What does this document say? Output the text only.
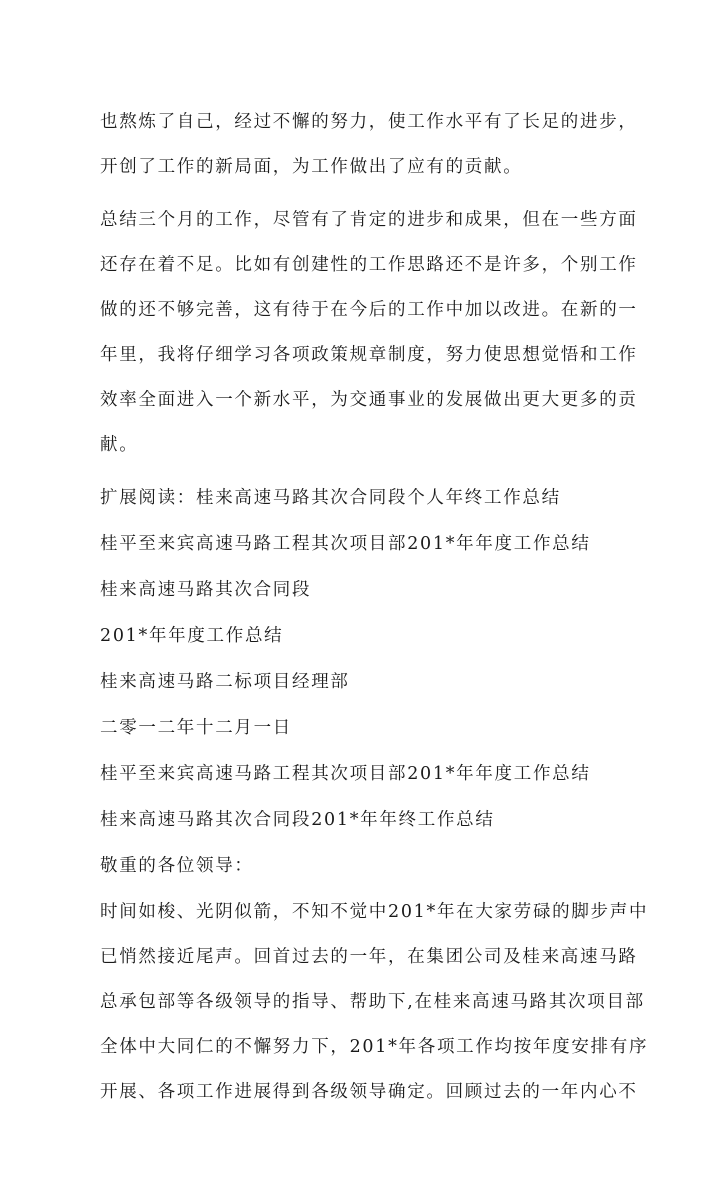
也熬炼了自己，经过不懈的努力，使工作水平有了长足的进步，
开创了工作的新局面，为工作做出了应有的贡献。
总结三个月的工作，尽管有了肯定的进步和成果，但在一些方面
还存在着不足。比如有创建性的工作思路还不是许多，个别工作
做的还不够完善，这有待于在今后的工作中加以改进。在新的一
年里，我将仔细学习各项政策规章制度，努力使思想觉悟和工作
效率全面进入一个新水平，为交通事业的发展做出更大更多的贡
献。
扩展阅读：桂来高速马路其次合同段个人年终工作总结
桂平至来宾高速马路工程其次项目部201*年年度工作总结
桂来高速马路其次合同段
201*年年度工作总结
桂来高速马路二标项目经理部
二零一二年十二月一日
桂平至来宾高速马路工程其次项目部201*年年度工作总结
桂来高速马路其次合同段201*年年终工作总结
敬重的各位领导：
时间如梭、光阴似箭，不知不觉中201*年在大家劳碌的脚步声中
已悄然接近尾声。回首过去的一年，在集团公司及桂来高速马路
总承包部等各级领导的指导、帮助下,在桂来高速马路其次项目部
全体中大同仁的不懈努力下，201*年各项工作均按年度安排有序
开展、各项工作进展得到各级领导确定。回顾过去的一年内心不
